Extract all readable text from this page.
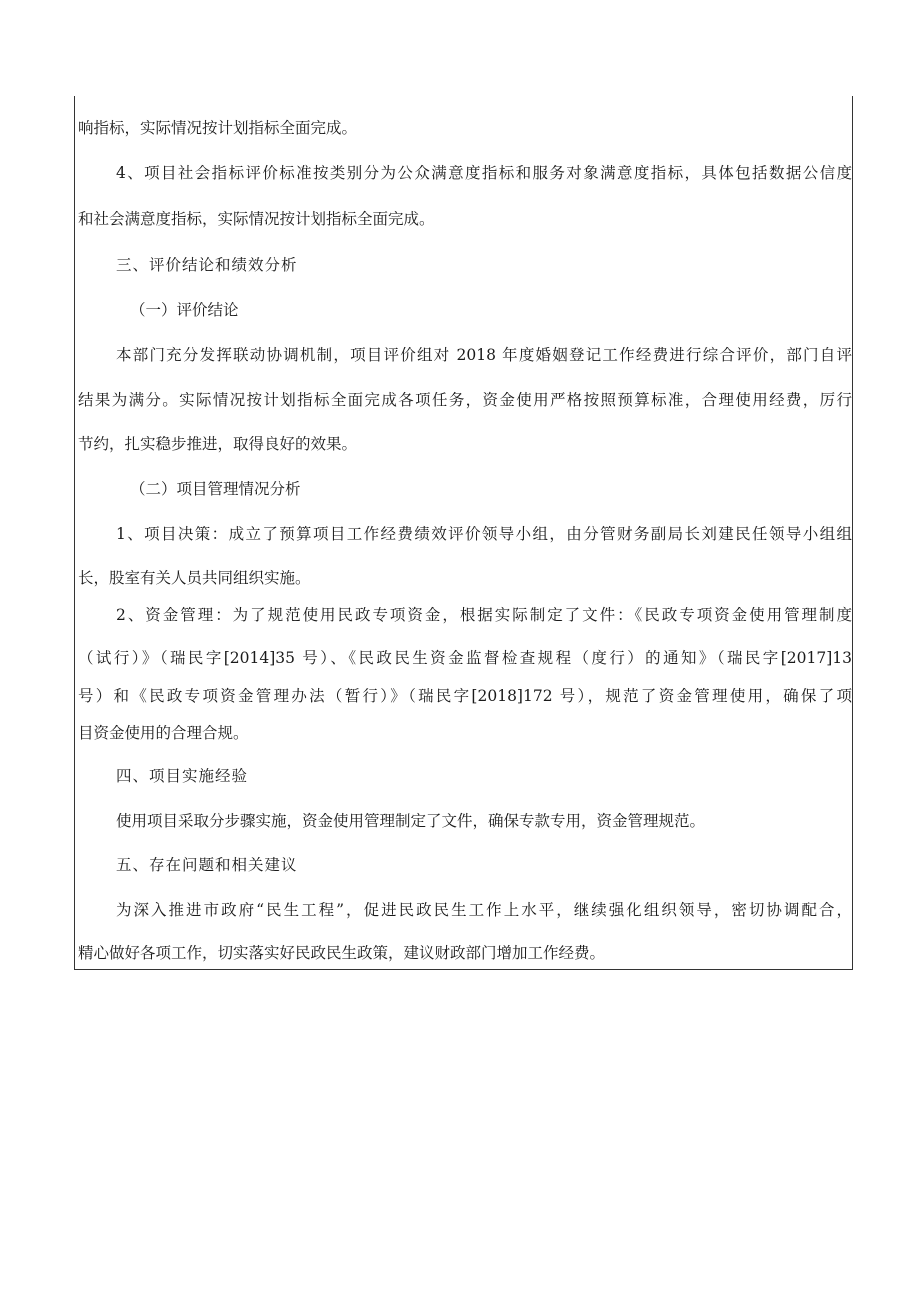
响指标，实际情况按计划指标全面完成。
4、项目社会指标评价标准按类别分为公众满意度指标和服务对象满意度指标，具体包括数据公信度
和社会满意度指标，实际情况按计划指标全面完成。
三、评价结论和绩效分析
（一）评价结论
本部门充分发挥联动协调机制，项目评价组对 2018 年度婚姻登记工作经费进行综合评价，部门自评
结果为满分。实际情况按计划指标全面完成各项任务，资金使用严格按照预算标准，合理使用经费，厉行
节约，扎实稳步推进，取得良好的效果。
（二）项目管理情况分析
1、项目决策：成立了预算项目工作经费绩效评价领导小组，由分管财务副局长刘建民任领导小组组
长，股室有关人员共同组织实施。
2、资金管理：为了规范使用民政专项资金，根据实际制定了文件：《民政专项资金使用管理制度
（试行）》（瑞民字[2014]35 号）、《民政民生资金监督检查规程（度行）的通知》（瑞民字[2017]13
号）和《民政专项资金管理办法（暂行）》（瑞民字[2018]172 号），规范了资金管理使用，确保了项
目资金使用的合理合规。
四、项目实施经验
使用项目采取分步骤实施，资金使用管理制定了文件，确保专款专用，资金管理规范。
五、存在问题和相关建议
为深入推进市政府“民生工程”，促进民政民生工作上水平，继续强化组织领导，密切协调配合，
精心做好各项工作，切实落实好民政民生政策，建议财政部门增加工作经费。
